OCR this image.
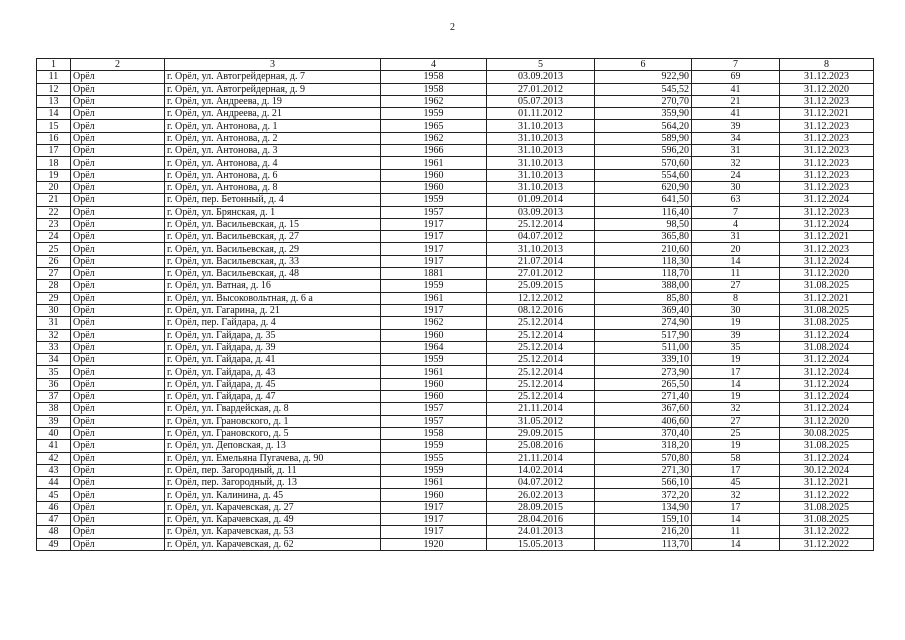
2
1	2	3	4	5	6	7	8
11	Орёл	г. Орёл, ул. Автогрейдерная, д. 7	1958	03.09.2013	922,90	69	31.12.2023
12	Орёл	г. Орёл, ул. Автогрейдерная, д. 9	1958	27.01.2012	545,52	41	31.12.2020
13	Орёл	г. Орёл, ул. Андреева, д. 19	1962	05.07.2013	270,70	21	31.12.2023
14	Орёл	г. Орёл, ул. Андреева, д. 21	1959	01.11.2012	359,90	41	31.12.2021
15	Орёл	г. Орёл, ул. Антонова, д. 1	1965	31.10.2013	564,20	39	31.12.2023
16	Орёл	г. Орёл, ул. Антонова, д. 2	1962	31.10.2013	589,90	34	31.12.2023
17	Орёл	г. Орёл, ул. Антонова, д. 3	1966	31.10.2013	596,20	31	31.12.2023
18	Орёл	г. Орёл, ул. Антонова, д. 4	1961	31.10.2013	570,60	32	31.12.2023
19	Орёл	г. Орёл, ул. Антонова, д. 6	1960	31.10.2013	554,60	24	31.12.2023
20	Орёл	г. Орёл, ул. Антонова, д. 8	1960	31.10.2013	620,90	30	31.12.2023
21	Орёл	г. Орёл, пер. Бетонный, д. 4	1959	01.09.2014	641,50	63	31.12.2024
22	Орёл	г. Орёл, ул. Брянская, д. 1	1957	03.09.2013	116,40	7	31.12.2023
23	Орёл	г. Орёл, ул. Васильевская, д. 15	1917	25.12.2014	98,50	4	31.12.2024
24	Орёл	г. Орёл, ул. Васильевская, д. 27	1917	04.07.2012	365,80	31	31.12.2021
25	Орёл	г. Орёл, ул. Васильевская, д. 29	1917	31.10.2013	210,60	20	31.12.2023
26	Орёл	г. Орёл, ул. Васильевская, д. 33	1917	21.07.2014	118,30	14	31.12.2024
27	Орёл	г. Орёл, ул. Васильевская, д. 48	1881	27.01.2012	118,70	11	31.12.2020
28	Орёл	г. Орёл, ул. Ватная, д. 16	1959	25.09.2015	388,00	27	31.08.2025
29	Орёл	г. Орёл, ул. Высоковольтная, д. 6 а	1961	12.12.2012	85,80	8	31.12.2021
30	Орёл	г. Орёл, ул. Гагарина, д. 21	1917	08.12.2016	369,40	30	31.08.2025
31	Орёл	г. Орёл, пер. Гайдара, д. 4	1962	25.12.2014	274,90	19	31.08.2025
32	Орёл	г. Орёл, ул. Гайдара, д. 35	1960	25.12.2014	517,90	39	31.12.2024
33	Орёл	г. Орёл, ул. Гайдара, д. 39	1964	25.12.2014	511,00	35	31.08.2024
34	Орёл	г. Орёл, ул. Гайдара, д. 41	1959	25.12.2014	339,10	19	31.12.2024
35	Орёл	г. Орёл, ул. Гайдара, д. 43	1961	25.12.2014	273,90	17	31.12.2024
36	Орёл	г. Орёл, ул. Гайдара, д. 45	1960	25.12.2014	265,50	14	31.12.2024
37	Орёл	г. Орёл, ул. Гайдара, д. 47	1960	25.12.2014	271,40	19	31.12.2024
38	Орёл	г. Орёл, ул. Гвардейская, д. 8	1957	21.11.2014	367,60	32	31.12.2024
39	Орёл	г. Орёл, ул. Грановского, д. 1	1957	31.05.2012	406,60	27	31.12.2020
40	Орёл	г. Орёл, ул. Грановского, д. 5	1958	29.09.2015	370,40	25	30.08.2025
41	Орёл	г. Орёл, ул. Деповская, д. 13	1959	25.08.2016	318,20	19	31.08.2025
42	Орёл	г. Орёл, ул. Емельяна Пугачева, д. 90	1955	21.11.2014	570,80	58	31.12.2024
43	Орёл	г. Орёл, пер. Загородный, д. 11	1959	14.02.2014	271,30	17	30.12.2024
44	Орёл	г. Орёл, пер. Загородный, д. 13	1961	04.07.2012	566,10	45	31.12.2021
45	Орёл	г. Орёл, ул. Калинина, д. 45	1960	26.02.2013	372,20	32	31.12.2022
46	Орёл	г. Орёл, ул. Карачевская, д. 27	1917	28.09.2015	134,90	17	31.08.2025
47	Орёл	г. Орёл, ул. Карачевская, д. 49	1917	28.04.2016	159,10	14	31.08.2025
48	Орёл	г. Орёл, ул. Карачевская, д. 53	1917	24.01.2013	216,20	11	31.12.2022
49	Орёл	г. Орёл, ул. Карачевская, д. 62	1920	15.05.2013	113,70	14	31.12.2022
